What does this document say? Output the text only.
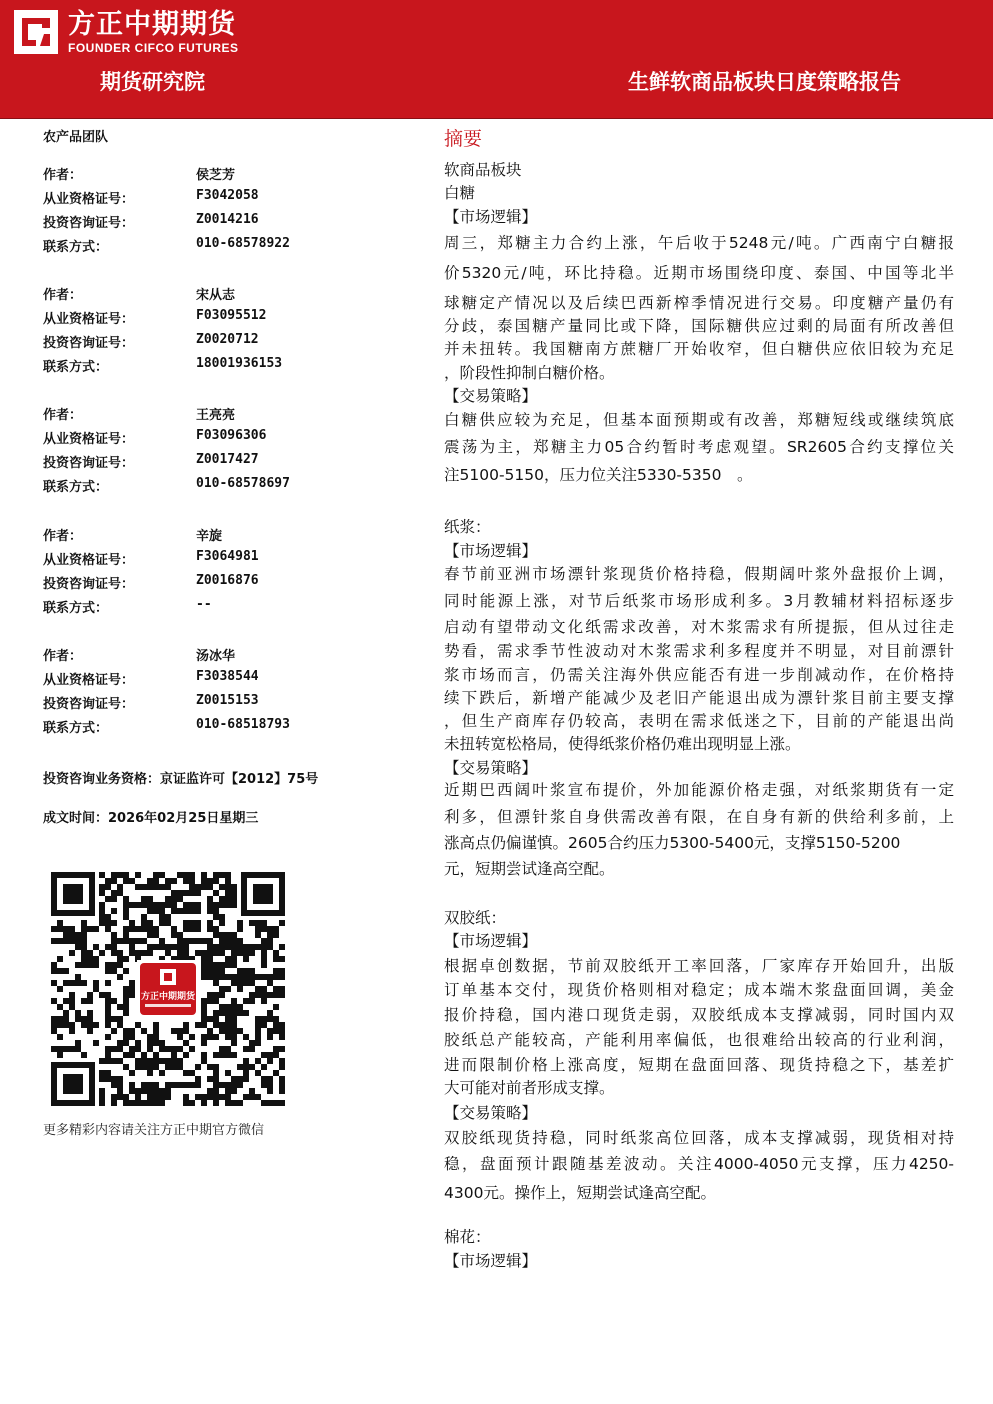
方正中期期货
FOUNDER CIFCO FUTURES
期货研究院	生鲜软商品板块日度策略报告
农产品团队
作者：	侯芝芳
从业资格证号：	F3042058
投资咨询证号：	Z0014216
联系方式：	010-68578922
作者：	宋从志
从业资格证号：	F03095512
投资咨询证号：	Z0020712
联系方式：	18001936153
作者：	王亮亮
从业资格证号：	F03096306
投资咨询证号：	Z0017427
联系方式：	010-68578697
作者：	辛旋
从业资格证号：	F3064981
投资咨询证号：	Z0016876
联系方式：	--
作者：	汤冰华
从业资格证号：	F3038544
投资咨询证号：	Z0015153
联系方式：	010-68518793
投资咨询业务资格：京证监许可【2012】75号
成文时间：2026年02月25日星期三
方正中期期货
更多精彩内容请关注方正中期官方微信
摘要
软商品板块
白糖
【市场逻辑】
周三，郑糖主力合约上涨，午后收于5248元/吨。广西南宁白糖报
价5320元/吨，环比持稳。近期市场围绕印度、泰国、中国等北半
球糖定产情况以及后续巴西新榨季情况进行交易。印度糖产量仍有
分歧，泰国糖产量同比或下降，国际糖供应过剩的局面有所改善但
并未扭转。我国糖南方蔗糖厂开始收窄，但白糖供应依旧较为充足
，阶段性抑制白糖价格。
【交易策略】
白糖供应较为充足，但基本面预期或有改善，郑糖短线或继续筑底
震荡为主，郑糖主力05合约暂时考虑观望。SR2605合约支撑位关
注5100-5150，压力位关注5330-5350　。
纸浆：
【市场逻辑】
春节前亚洲市场漂针浆现货价格持稳，假期阔叶浆外盘报价上调，
同时能源上涨，对节后纸浆市场形成利多。3月教辅材料招标逐步
启动有望带动文化纸需求改善，对木浆需求有所提振，但从过往走
势看，需求季节性波动对木浆需求利多程度并不明显，对目前漂针
浆市场而言，仍需关注海外供应能否有进一步削减动作，在价格持
续下跌后，新增产能减少及老旧产能退出成为漂针浆目前主要支撑
，但生产商库存仍较高，表明在需求低迷之下，目前的产能退出尚
未扭转宽松格局，使得纸浆价格仍难出现明显上涨。
【交易策略】
近期巴西阔叶浆宣布提价，外加能源价格走强，对纸浆期货有一定
利多，但漂针浆自身供需改善有限，在自身有新的供给利多前，上
涨高点仍偏谨慎。2605合约压力5300-5400元，支撑5150-5200
元，短期尝试逢高空配。
双胶纸：
【市场逻辑】
根据卓创数据，节前双胶纸开工率回落，厂家库存开始回升，出版
订单基本交付，现货价格则相对稳定；成本端木浆盘面回调，美金
报价持稳，国内港口现货走弱，双胶纸成本支撑减弱，同时国内双
胶纸总产能较高，产能利用率偏低，也很难给出较高的行业利润，
进而限制价格上涨高度，短期在盘面回落、现货持稳之下，基差扩
大可能对前者形成支撑。
【交易策略】
双胶纸现货持稳，同时纸浆高位回落，成本支撑减弱，现货相对持
稳，盘面预计跟随基差波动。关注4000-4050元支撑，压力4250-
4300元。操作上，短期尝试逢高空配。
棉花：
【市场逻辑】
